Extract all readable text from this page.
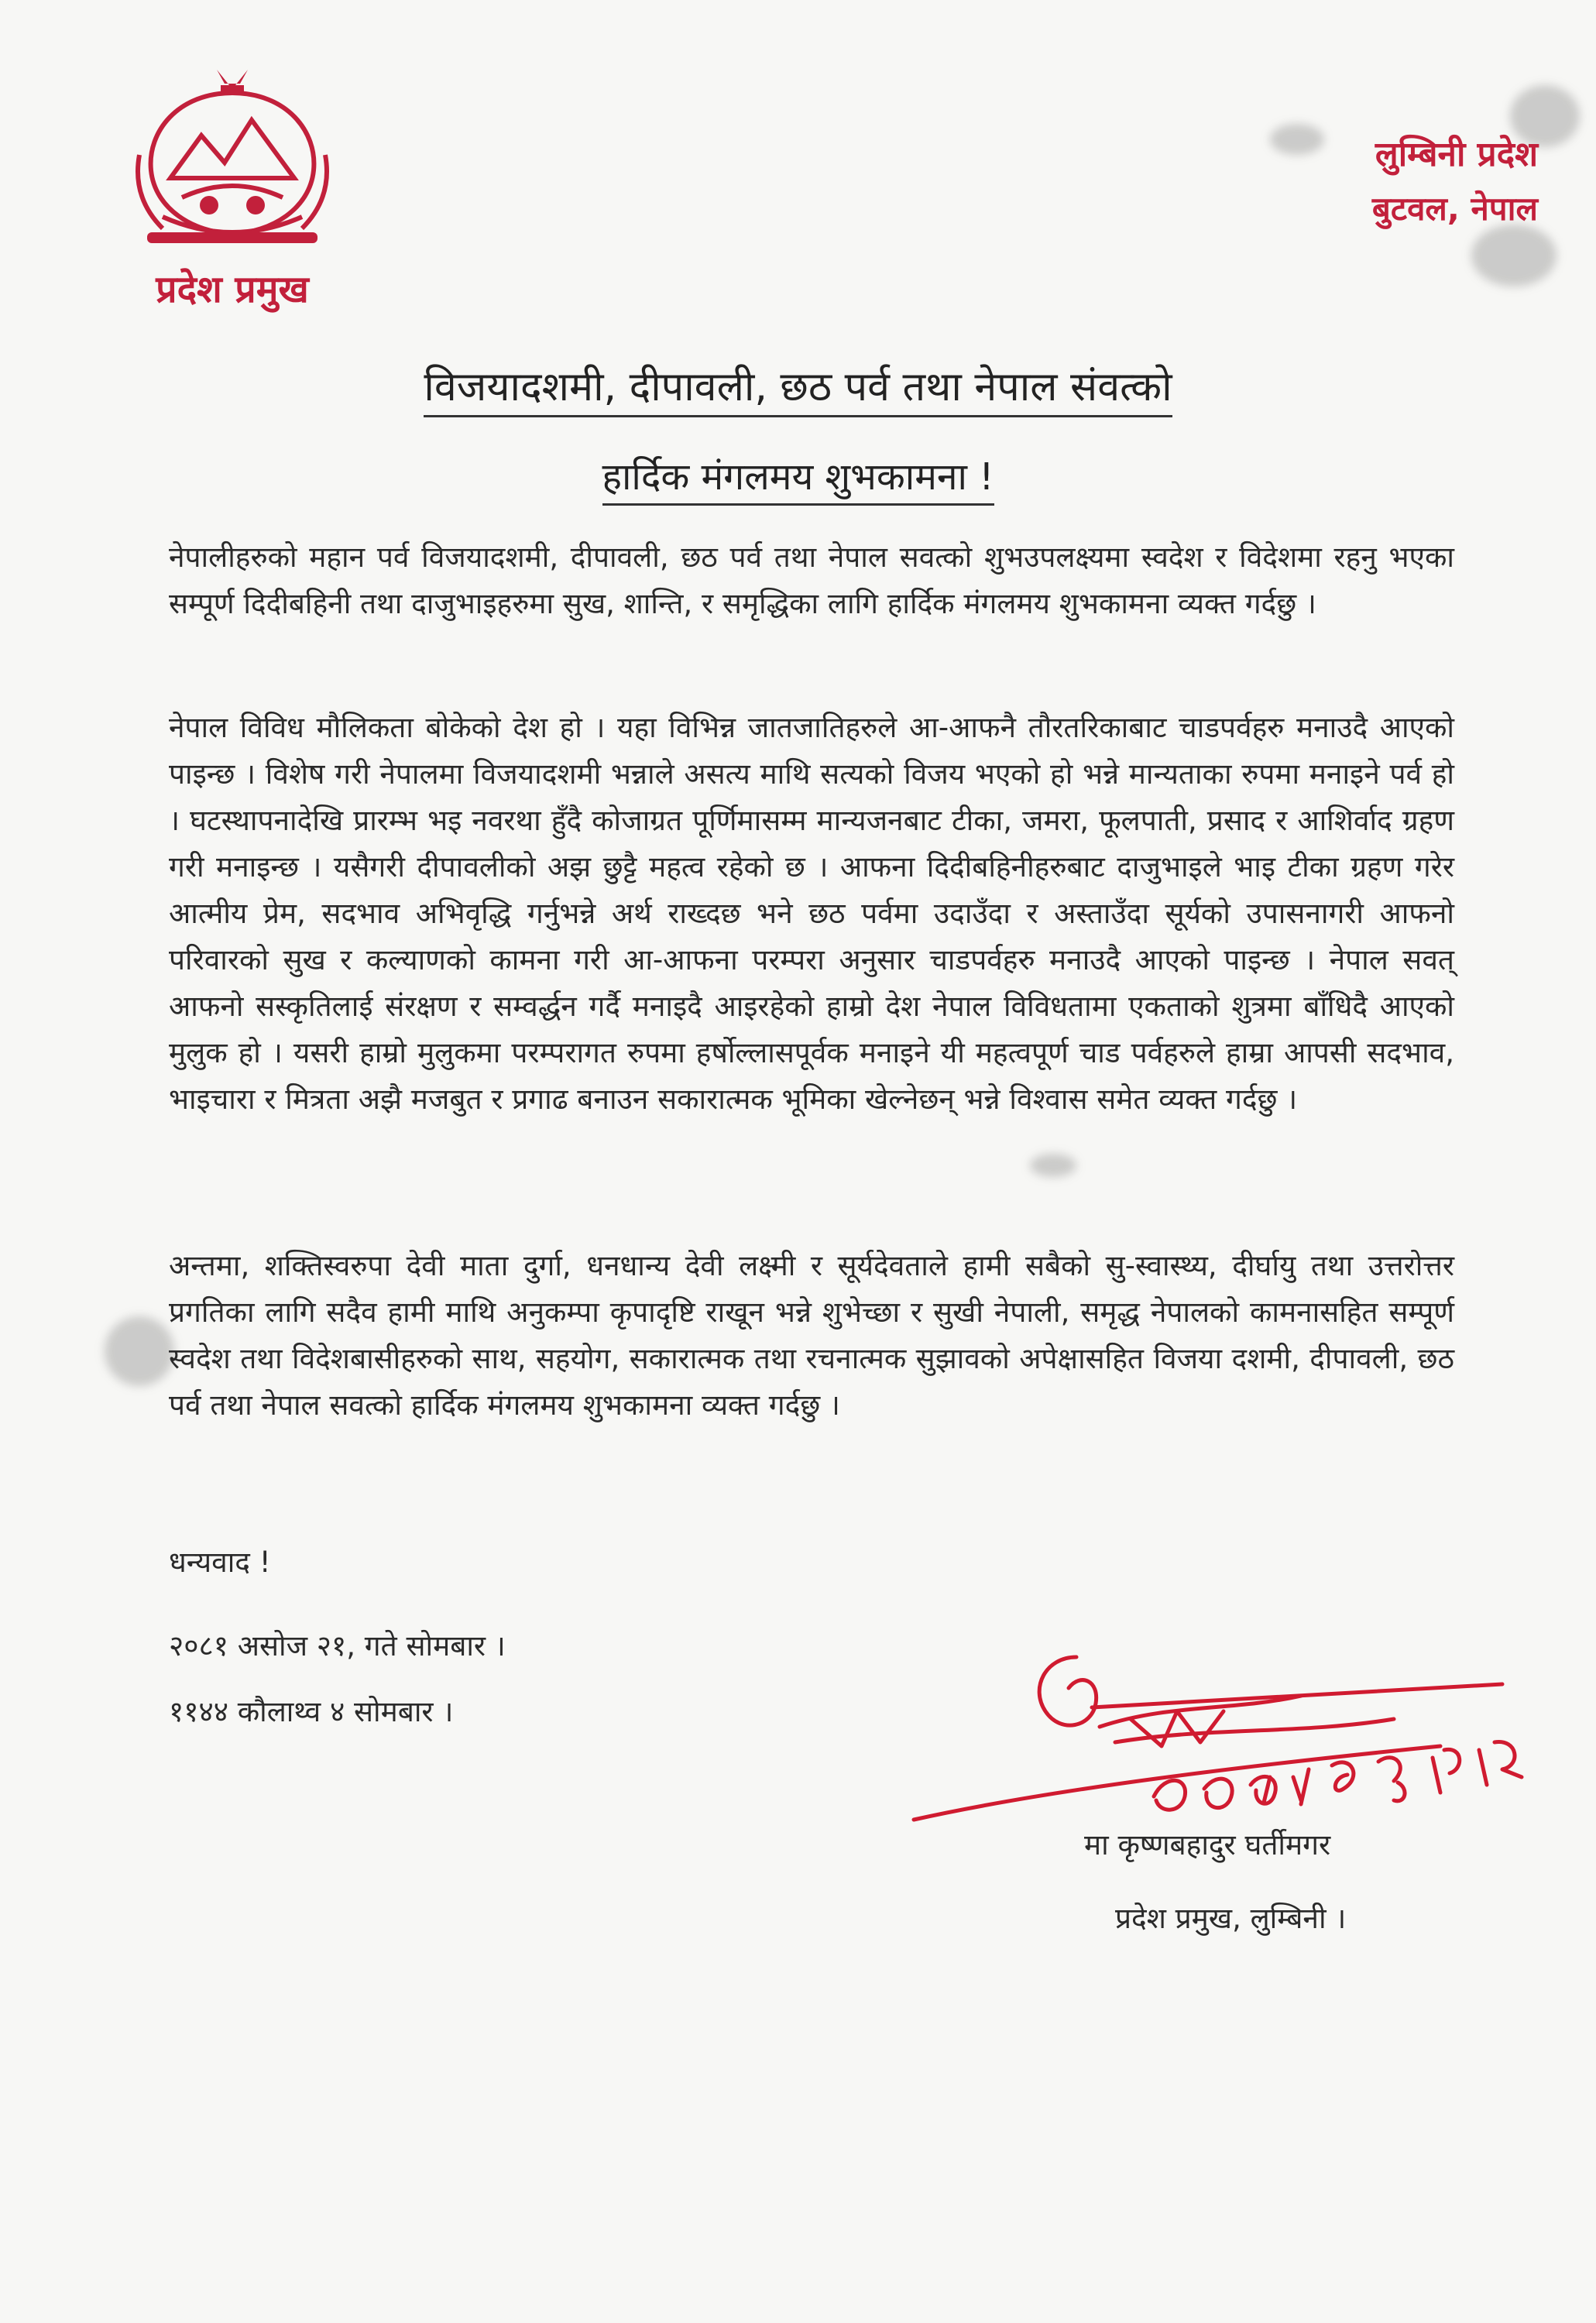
प्रदेश प्रमुख
लुम्बिनी प्रदेश
बुटवल, नेपाल
विजयादशमी, दीपावली, छठ पर्व तथा नेपाल संवत्को
हार्दिक मंगलमय शुभकामना !
नेपालीहरुको महान पर्व विजयादशमी, दीपावली, छठ पर्व तथा नेपाल सवत्को शुभउपलक्ष्यमा स्वदेश र विदेशमा रहनु भएका सम्पूर्ण दिदीबहिनी तथा दाजुभाइहरुमा सुख, शान्ति, र समृद्धिका लागि हार्दिक मंगलमय शुभकामना व्यक्त गर्दछु ।
नेपाल विविध मौलिकता बोकेको देश हो । यहा विभिन्न जातजातिहरुले आ-आफनै तौरतरिकाबाट चाडपर्वहरु मनाउदै आएको पाइन्छ । विशेष गरी नेपालमा विजयादशमी भन्नाले असत्य माथि सत्यको विजय भएको हो भन्ने मान्यताका रुपमा मनाइने पर्व हो । घटस्थापनादेखि प्रारम्भ भइ नवरथा हुँदै कोजाग्रत पूर्णिमासम्म मान्यजनबाट टीका, जमरा, फूलपाती, प्रसाद र आशिर्वाद ग्रहण गरी मनाइन्छ । यसैगरी दीपावलीको अझ छुट्टै महत्व रहेको छ । आफना दिदीबहिनीहरुबाट दाजुभाइले भाइ टीका ग्रहण गरेर आत्मीय प्रेम, सदभाव अभिवृद्धि गर्नुभन्ने अर्थ राख्दछ भने छठ पर्वमा उदाउँदा र अस्ताउँदा सूर्यको उपासनागरी आफनो परिवारको सुख र कल्याणको कामना गरी आ-आफना परम्परा अनुसार चाडपर्वहरु मनाउदै आएको पाइन्छ । नेपाल सवत् आफनो सस्कृतिलाई संरक्षण र सम्वर्द्धन गर्दै मनाइदै आइरहेको हाम्रो देश नेपाल विविधतामा एकताको शुत्रमा बाँधिदै आएको मुलुक हो । यसरी हाम्रो मुलुकमा परम्परागत रुपमा हर्षोल्लासपूर्वक मनाइने यी महत्वपूर्ण चाड पर्वहरुले हाम्रा आपसी सदभाव, भाइचारा र मित्रता अझै मजबुत र प्रगाढ बनाउन सकारात्मक भूमिका खेल्नेछन् भन्ने विश्वास समेत व्यक्त गर्दछु ।
अन्तमा, शक्तिस्वरुपा देवी माता दुर्गा, धनधान्य देवी लक्ष्मी र सूर्यदेवताले हामी सबैको सु-स्वास्थ्य, दीर्घायु तथा उत्तरोत्तर प्रगतिका लागि सदैव हामी माथि अनुकम्पा कृपादृष्टि राखून भन्ने शुभेच्छा र सुखी नेपाली, समृद्ध नेपालको कामनासहित सम्पूर्ण स्वदेश तथा विदेशबासीहरुको साथ, सहयोग, सकारात्मक तथा रचनात्मक सुझावको अपेक्षासहित विजया दशमी, दीपावली, छठ पर्व तथा नेपाल सवत्को हार्दिक मंगलमय शुभकामना व्यक्त गर्दछु ।
धन्यवाद !
२०८१ असोज २१, गते सोमबार ।
११४४ कौलाथ्व ४ सोमबार ।
मा कृष्णबहादुर घर्तीमगर
प्रदेश प्रमुख, लुम्बिनी ।
